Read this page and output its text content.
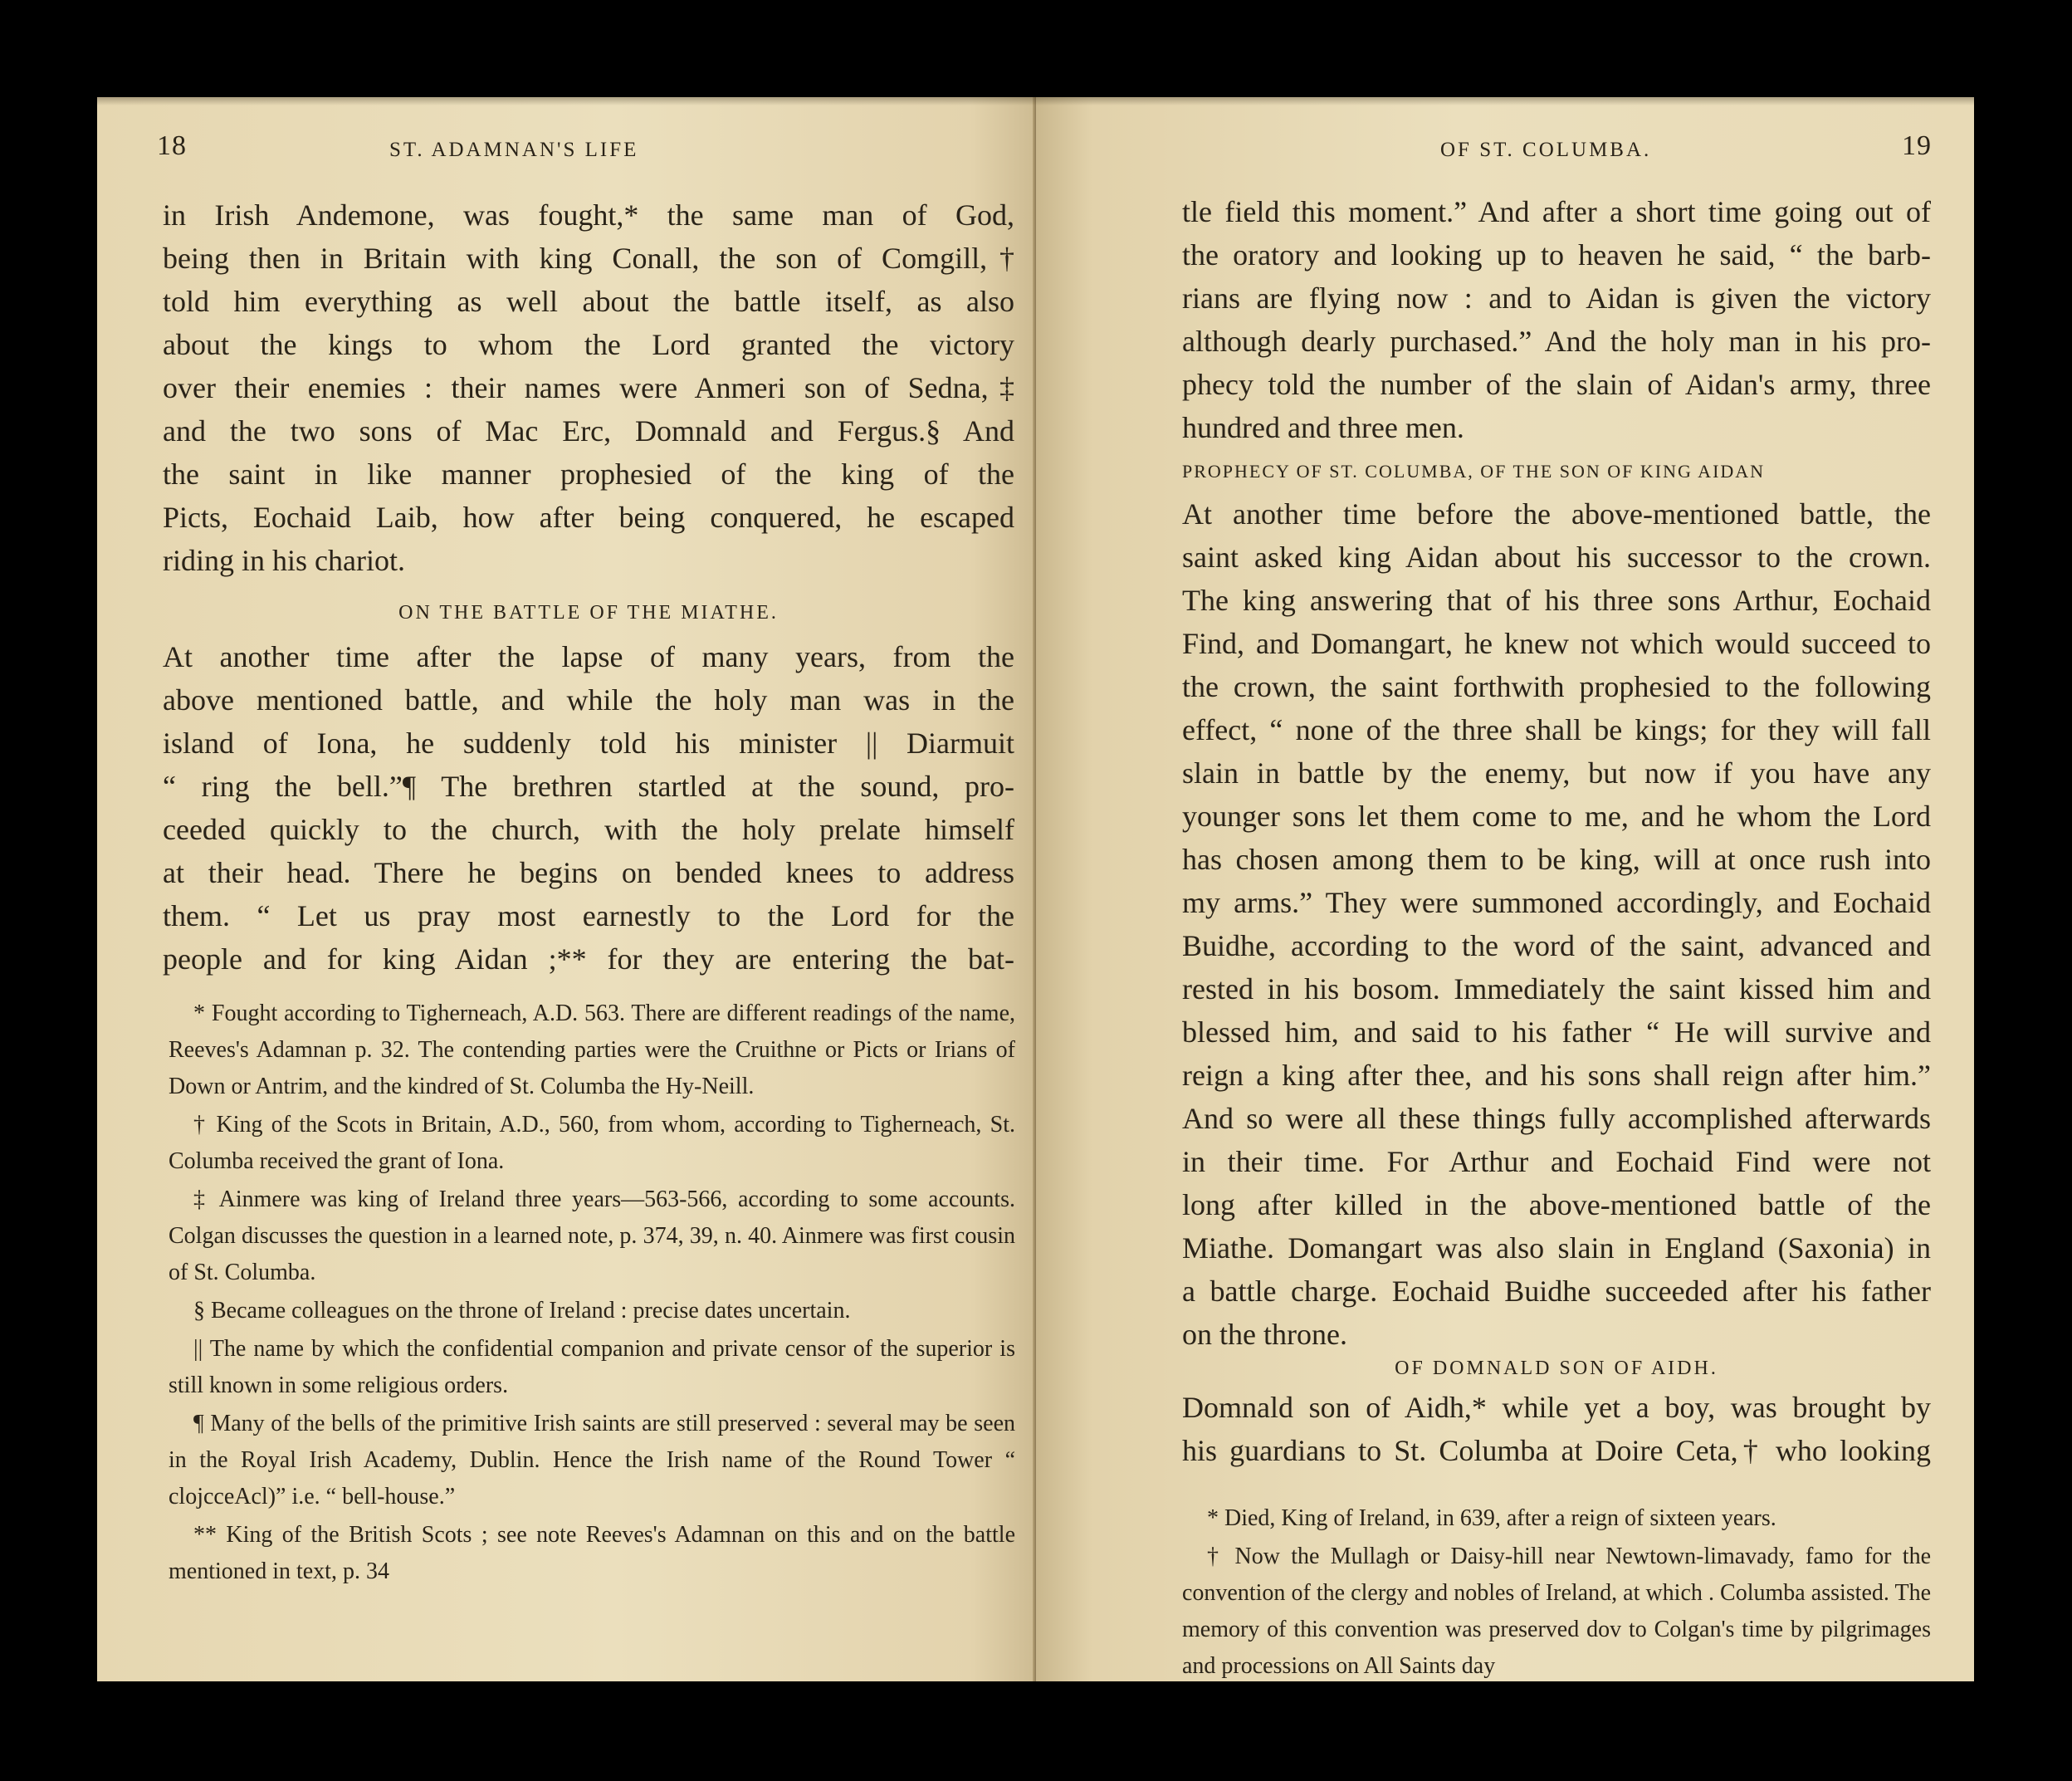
18	ST. ADAMNAN'S LIFE
in Irish Andemone, was fought,* the same man of God,
being then in Britain with king Conall, the son of Comgill,†
told him everything as well about the battle itself, as also
about the kings to whom the Lord granted the victory
over their enemies : their names were Anmeri son of Sedna,‡
and the two sons of Mac Erc, Domnald and Fergus.§ And
the saint in like manner prophesied of the king of the
Picts, Eochaid Laib, how after being conquered, he escaped
riding in his chariot.
ON THE BATTLE OF THE MIATHE.
At another time after the lapse of many years, from the
above mentioned battle, and while the holy man was in the
island of Iona, he suddenly told his minister || Diarmuit
“ ring the bell.”¶ The brethren startled at the sound, pro-
ceeded quickly to the church, with the holy prelate himself
at their head. There he begins on bended knees to address
them. “ Let us pray most earnestly to the Lord for the
people and for king Aidan ;** for they are entering the bat-
* Fought according to Tigherneach, A.D. 563. There are different readings of the name, Reeves's Adamnan p. 32. The contending parties were the Cruithne or Picts or Irians of Down or Antrim, and the kindred of St. Columba the Hy-Neill.
† King of the Scots in Britain, A.D., 560, from whom, according to Tigherneach, St. Columba received the grant of Iona.
‡ Ainmere was king of Ireland three years—563-566, according to some accounts. Colgan discusses the question in a learned note, p. 374, 39, n. 40. Ainmere was first cousin of St. Columba.
§ Became colleagues on the throne of Ireland : precise dates uncertain.
|| The name by which the confidential companion and private censor of the superior is still known in some religious orders.
¶ Many of the bells of the primitive Irish saints are still preserved : several may be seen in the Royal Irish Academy, Dublin. Hence the Irish name of the Round Tower “ clojcceAcl)” i.e. “ bell-house.”
** King of the British Scots ; see note Reeves's Adamnan on this and on the battle mentioned in text, p. 34
OF ST. COLUMBA.	19
tle field this moment.” And after a short time going out of
the oratory and looking up to heaven he said, “ the barb-
rians are flying now : and to Aidan is given the victory
although dearly purchased.” And the holy man in his pro-
phecy told the number of the slain of Aidan's army, three
hundred and three men.
PROPHECY OF ST. COLUMBA, OF THE SON OF KING AIDAN
At another time before the above-mentioned battle, the
saint asked king Aidan about his successor to the crown.
The king answering that of his three sons Arthur, Eochaid
Find, and Domangart, he knew not which would succeed to
the crown, the saint forthwith prophesied to the following
effect, “ none of the three shall be kings; for they will fall
slain in battle by the enemy, but now if you have any
younger sons let them come to me, and he whom the Lord
has chosen among them to be king, will at once rush into
my arms.” They were summoned accordingly, and Eochaid
Buidhe, according to the word of the saint, advanced and
rested in his bosom. Immediately the saint kissed him and
blessed him, and said to his father “ He will survive and
reign a king after thee, and his sons shall reign after him.”
And so were all these things fully accomplished afterwards
in their time. For Arthur and Eochaid Find were not
long after killed in the above-mentioned battle of the
Miathe. Domangart was also slain in England (Saxonia) in
a battle charge. Eochaid Buidhe succeeded after his father
on the throne.
OF DOMNALD SON OF AIDH.
Domnald son of Aidh,* while yet a boy, was brought by
his guardians to St. Columba at Doire Ceta,† who looking
* Died, King of Ireland, in 639, after a reign of sixteen years.
† Now the Mullagh or Daisy-hill near Newtown-limavady, famo for the convention of the clergy and nobles of Ireland, at which . Columba assisted. The memory of this convention was preserved dov to Colgan's time by pilgrimages and processions on All Saints day
